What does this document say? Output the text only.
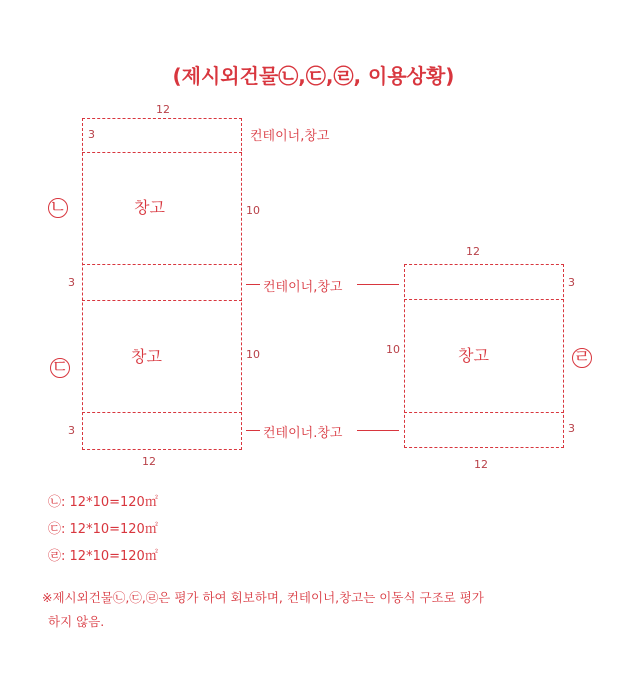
(제시외건물㉡,㉢,㉣, 이용상황)
12
12
3
10
3
10
3
창고
창고
ㄴ
ㄷ
컨테이너,창고
컨테이너,창고
컨테이너.창고
12
12
3
10
3
창고	ㄹ
㉡: 12*10=120㎡
㉢: 12*10=120㎡
㉣: 12*10=120㎡
※제시외건물㉡,㉢,㉣은 평가 하여 회보하며, 컨테이너,창고는 이동식 구조로 평가
하지 않음.
